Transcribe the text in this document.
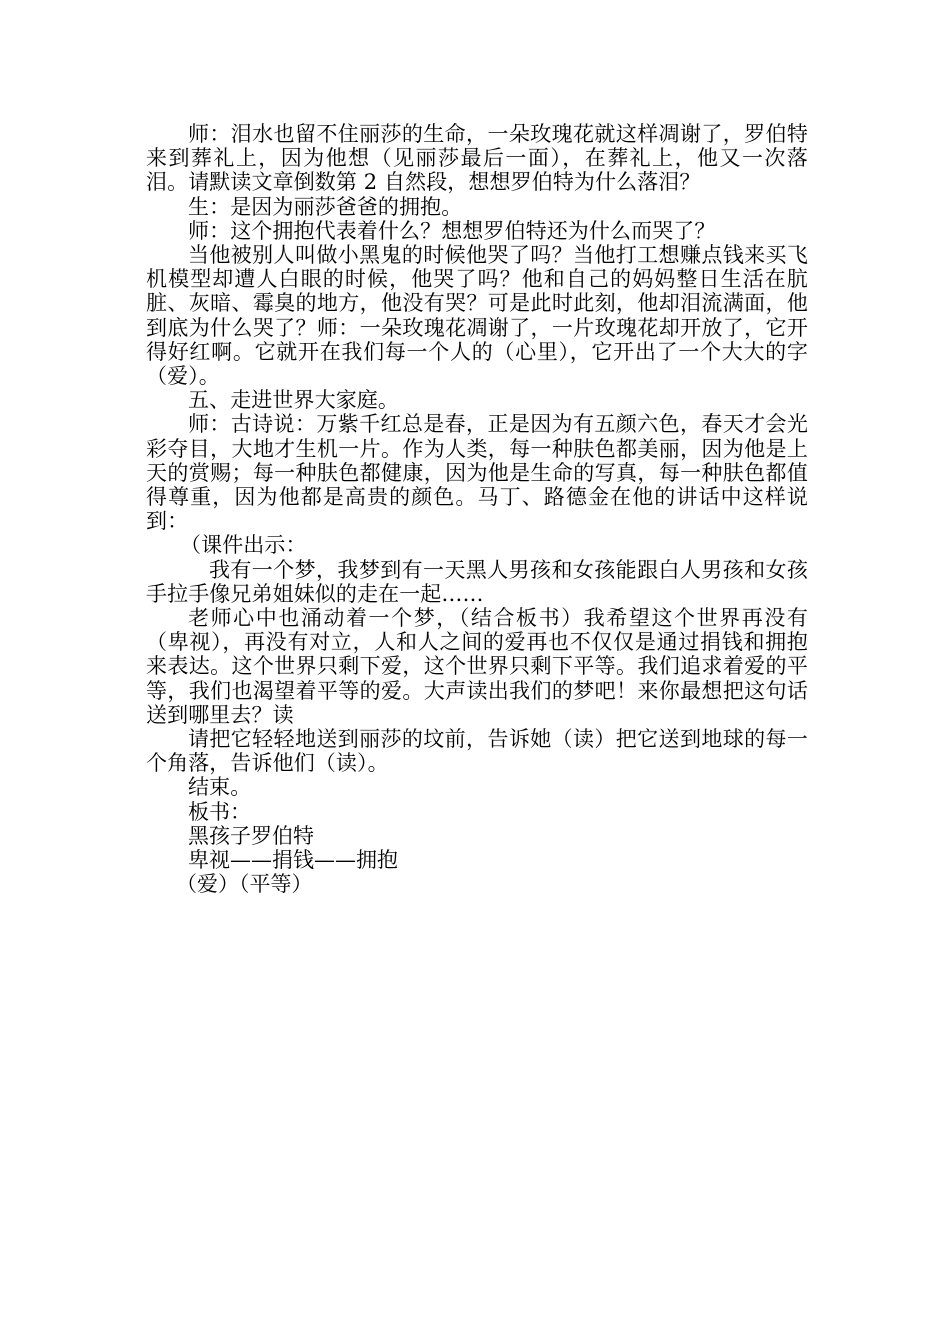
师：泪水也留不住丽莎的生命，一朵玫瑰花就这样凋谢了，罗伯特来到葬礼上，因为他想（见丽莎最后一面），在葬礼上，他又一次落泪。请默读文章倒数第 2 自然段，想想罗伯特为什么落泪？

生：是因为丽莎爸爸的拥抱。

师：这个拥抱代表着什么？想想罗伯特还为什么而哭了？

当他被别人叫做小黑鬼的时候他哭了吗？当他打工想赚点钱来买飞机模型却遭人白眼的时候，他哭了吗？他和自己的妈妈整日生活在肮脏、灰暗、霉臭的地方，他没有哭？可是此时此刻，他却泪流满面，他到底为什么哭了？师：一朵玫瑰花凋谢了，一片玫瑰花却开放了，它开得好红啊。它就开在我们每一个人的（心里），它开出了一个大大的字（爱）。

五、走进世界大家庭。

师：古诗说：万紫千红总是春，正是因为有五颜六色，春天才会光彩夺目，大地才生机一片。作为人类，每一种肤色都美丽，因为他是上天的赏赐；每一种肤色都健康，因为他是生命的写真，每一种肤色都值得尊重，因为他都是高贵的颜色。马丁、路德金在他的讲话中这样说到：

（课件出示：

我有一个梦，我梦到有一天黑人男孩和女孩能跟白人男孩和女孩手拉手像兄弟姐妹似的走在一起……

老师心中也涌动着一个梦，（结合板书）我希望这个世界再没有（卑视），再没有对立，人和人之间的爱再也不仅仅是通过捐钱和拥抱来表达。这个世界只剩下爱，这个世界只剩下平等。我们追求着爱的平等，我们也渴望着平等的爱。大声读出我们的梦吧！来你最想把这句话送到哪里去？读

请把它轻轻地送到丽莎的坟前，告诉她（读）把它送到地球的每一个角落，告诉他们（读）。

结束。

板书：

黑孩子罗伯特

卑视——捐钱——拥抱

（爱）（平等）
